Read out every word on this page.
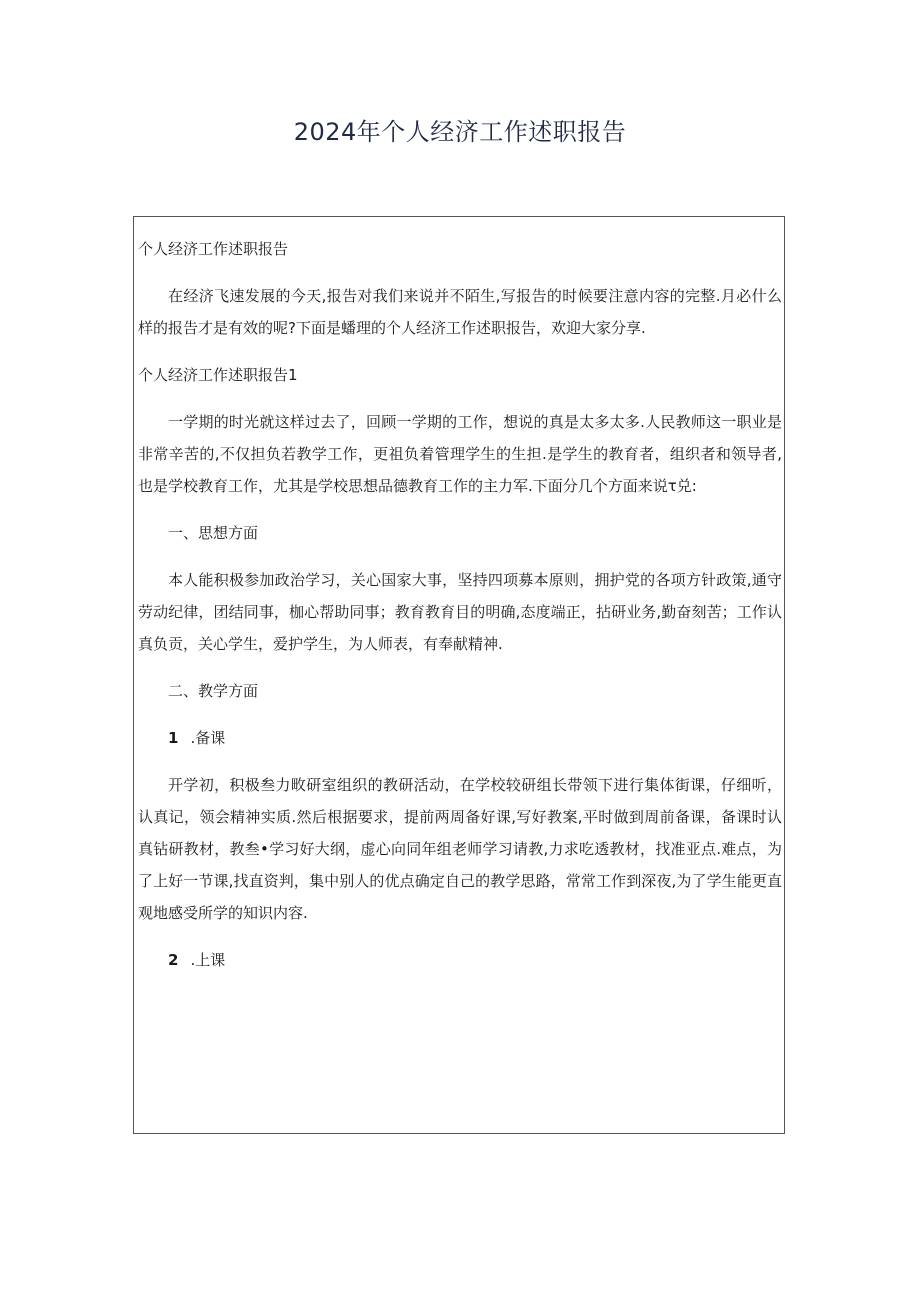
2024年个人经济工作述职报告

个人经济工作述职报告

在经济飞速发展的今天,报告对我们来说并不陌生,写报告的时候要注意内容的完整.月必什么样的报告才是有效的呢?下面是蟠理的个人经济工作述职报告，欢迎大家分享.

个人经济工作述职报告1

一学期的时光就这样过去了，回顾一学期的工作，想说的真是太多太多.人民教师这一职业是非常辛苦的,不仅担负若教学工作，更祖负着管理学生的生担.是学生的教育者，组织者和领导者,也是学校教育工作，尤其是学校思想品德教育工作的主力军.下面分几个方面来说τ兑:

一、思想方面

本人能积极参加政治学习，关心国家大事，坚持四项募本原则，拥护党的各项方针政策,通守劳动纪律，团结同事，枷心帮助同事；教育教育目的明确,态度端正，拈研业务,勤奋刻苦；工作认真负贡，关心学生，爱护学生，为人师表，有奉献精神.

二、教学方面

1 .备课

开学初，积极叁力畋研室组织的教研活动，在学校较研组长带领下进行集体街课，仔细听，认真记，领会精神实质.然后根据要求，提前两周备好课,写好教案,平时做到周前备课，备课时认真钻研教材，教叁•学习好大纲，虚心向同年组老师学习请教,力求吃透教材，找准亚点.难点，为了上好一节课,找直资判，集中别人的优点确定自己的教学思路，常常工作到深夜,为了学生能更直观地感受所学的知识内容.

2 .上课
